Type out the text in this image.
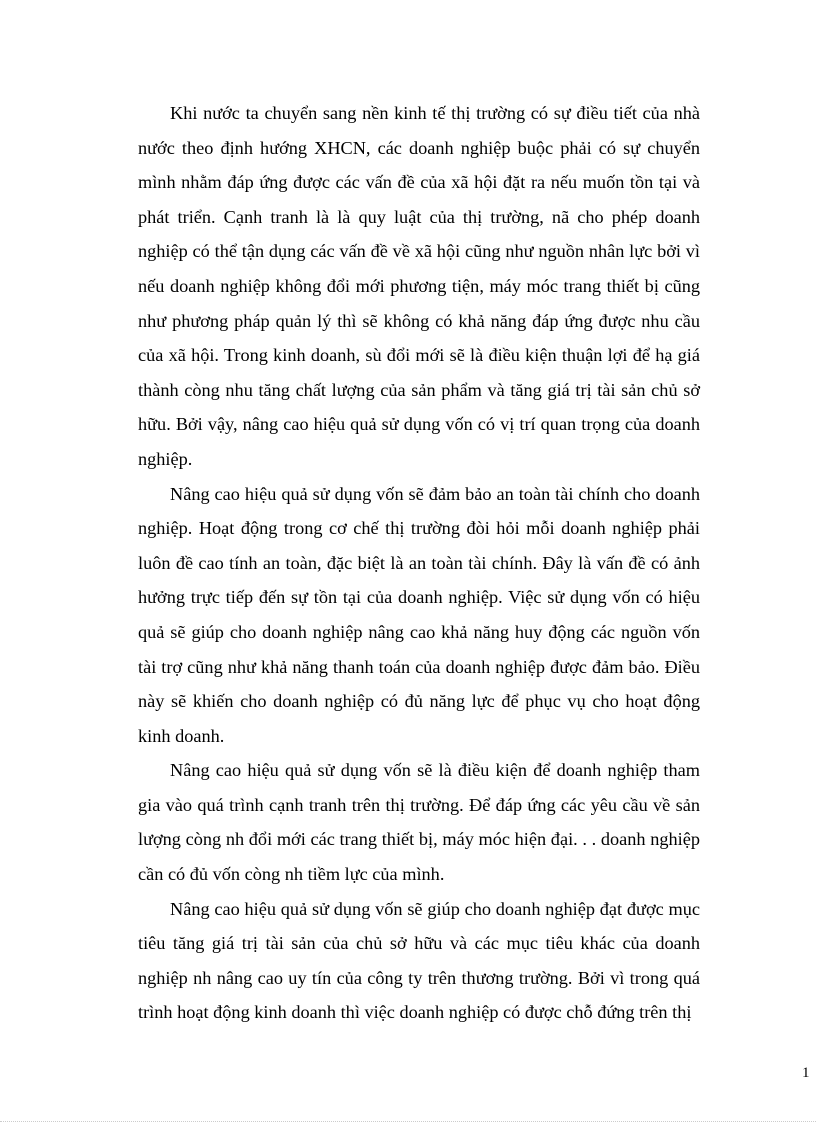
Khi nước ta chuyển sang nền kinh tế thị trường có sự điều tiết của nhà nước theo định hướng XHCN, các doanh nghiệp buộc phải có sự chuyển mình nhằm đáp ứng được các vấn đề của xã hội đặt ra nếu muốn tồn tại và phát triển. Cạnh tranh là là quy luật của thị trường, nã cho phép doanh nghiệp có thể tận dụng các vấn đề về xã hội cũng như nguồn nhân lực bởi vì nếu doanh nghiệp không đổi mới phương tiện, máy móc trang thiết bị cũng như phương pháp quản lý thì sẽ không có khả năng đáp ứng được nhu cầu của xã hội. Trong kinh doanh, sù đổi mới sẽ là điều kiện thuận lợi để hạ giá thành còng nhu tăng chất lượng của sản phẩm và tăng giá trị tài sản chủ sở hữu. Bởi vậy, nâng cao hiệu quả sử dụng vốn có vị trí quan trọng của doanh nghiệp.

Nâng cao hiệu quả sử dụng vốn sẽ đảm bảo an toàn tài chính cho doanh nghiệp. Hoạt động trong cơ chế thị trường đòi hỏi mỗi doanh nghiệp phải luôn đề cao tính an toàn, đặc biệt là an toàn tài chính. Đây là vấn đề có ảnh hưởng trực tiếp đến sự tồn tại của doanh nghiệp. Việc sử dụng vốn có hiệu quả sẽ giúp cho doanh nghiệp nâng cao khả năng huy động các nguồn vốn tài trợ cũng như khả năng thanh toán của doanh nghiệp được đảm bảo. Điều này sẽ khiến cho doanh nghiệp có đủ năng lực để phục vụ cho hoạt động kinh doanh.

Nâng cao hiệu quả sử dụng vốn sẽ là điều kiện để doanh nghiệp tham gia vào quá trình cạnh tranh trên thị trường. Để đáp ứng các yêu cầu về sản lượng còng nh đổi mới các trang thiết bị, máy móc hiện đại. . . doanh nghiệp cần có đủ vốn còng nh tiềm lực của mình.

Nâng cao hiệu quả sử dụng vốn sẽ giúp cho doanh nghiệp đạt được mục tiêu tăng giá trị tài sản của chủ sở hữu và các mục tiêu khác của doanh nghiệp nh nâng cao uy tín của công ty trên thương trường. Bởi vì trong quá trình hoạt động kinh doanh thì việc doanh nghiệp có được chỗ đứng trên thị

1
